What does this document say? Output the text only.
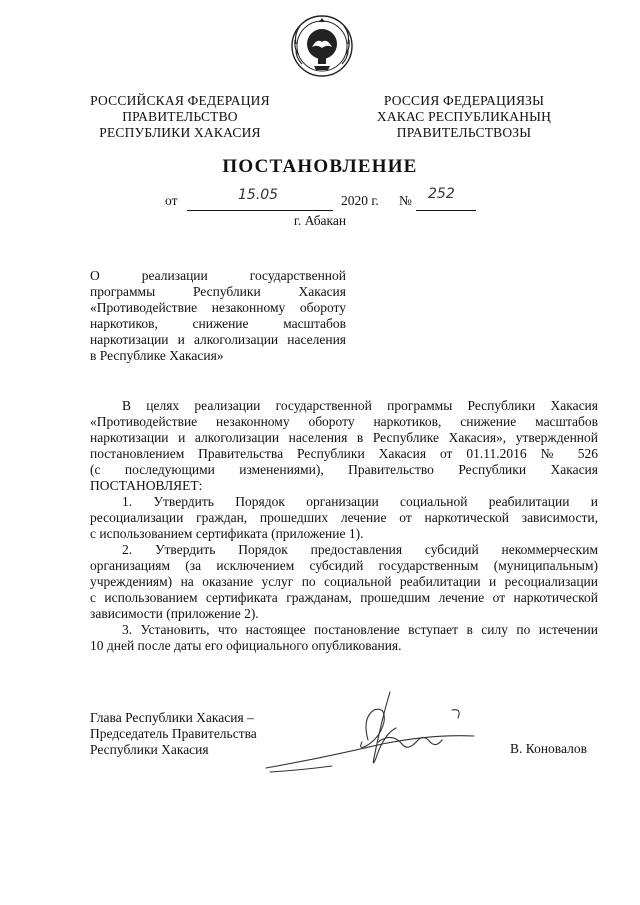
РОССИЙСКАЯ ФЕДЕРАЦИЯ
ПРАВИТЕЛЬСТВО
РЕСПУБЛИКИ ХАКАСИЯ
РОССИЯ ФЕДЕРАЦИЯЗЫ
ХАКАС РЕСПУБЛИКАНЫҢ
ПРАВИТЕЛЬСТВОЗЫ
ПОСТАНОВЛЕНИЕ
от	15.05	2020 г. № 252
г. Абакан
О реализации государственной
программы Республики Хакасия
«Противодействие незаконному обороту
наркотиков, снижение масштабов
наркотизации и алкоголизации населения
в Республике Хакасия»
В целях реализации государственной программы Республики Хакасия
«Противодействие незаконному обороту наркотиков, снижение масштабов
наркотизации и алкоголизации населения в Республике Хакасия», утвержденной
постановлением Правительства Республики Хакасия от 01.11.2016 № 526
(с последующими изменениями), Правительство Республики Хакасия
ПОСТАНОВЛЯЕТ:
1. Утвердить Порядок организации социальной реабилитации и
ресоциализации граждан, прошедших лечение от наркотической зависимости,
с использованием сертификата (приложение 1).
2. Утвердить Порядок предоставления субсидий некоммерческим
организациям (за исключением субсидий государственным (муниципальным)
учреждениям) на оказание услуг по социальной реабилитации и ресоциализации
с использованием сертификата гражданам, прошедшим лечение от наркотической
зависимости (приложение 2).
3. Установить, что настоящее постановление вступает в силу по истечении
10 дней после даты его официального опубликования.
Глава Республики Хакасия –
Председатель Правительства
Республики Хакасия	В. Коновалов
